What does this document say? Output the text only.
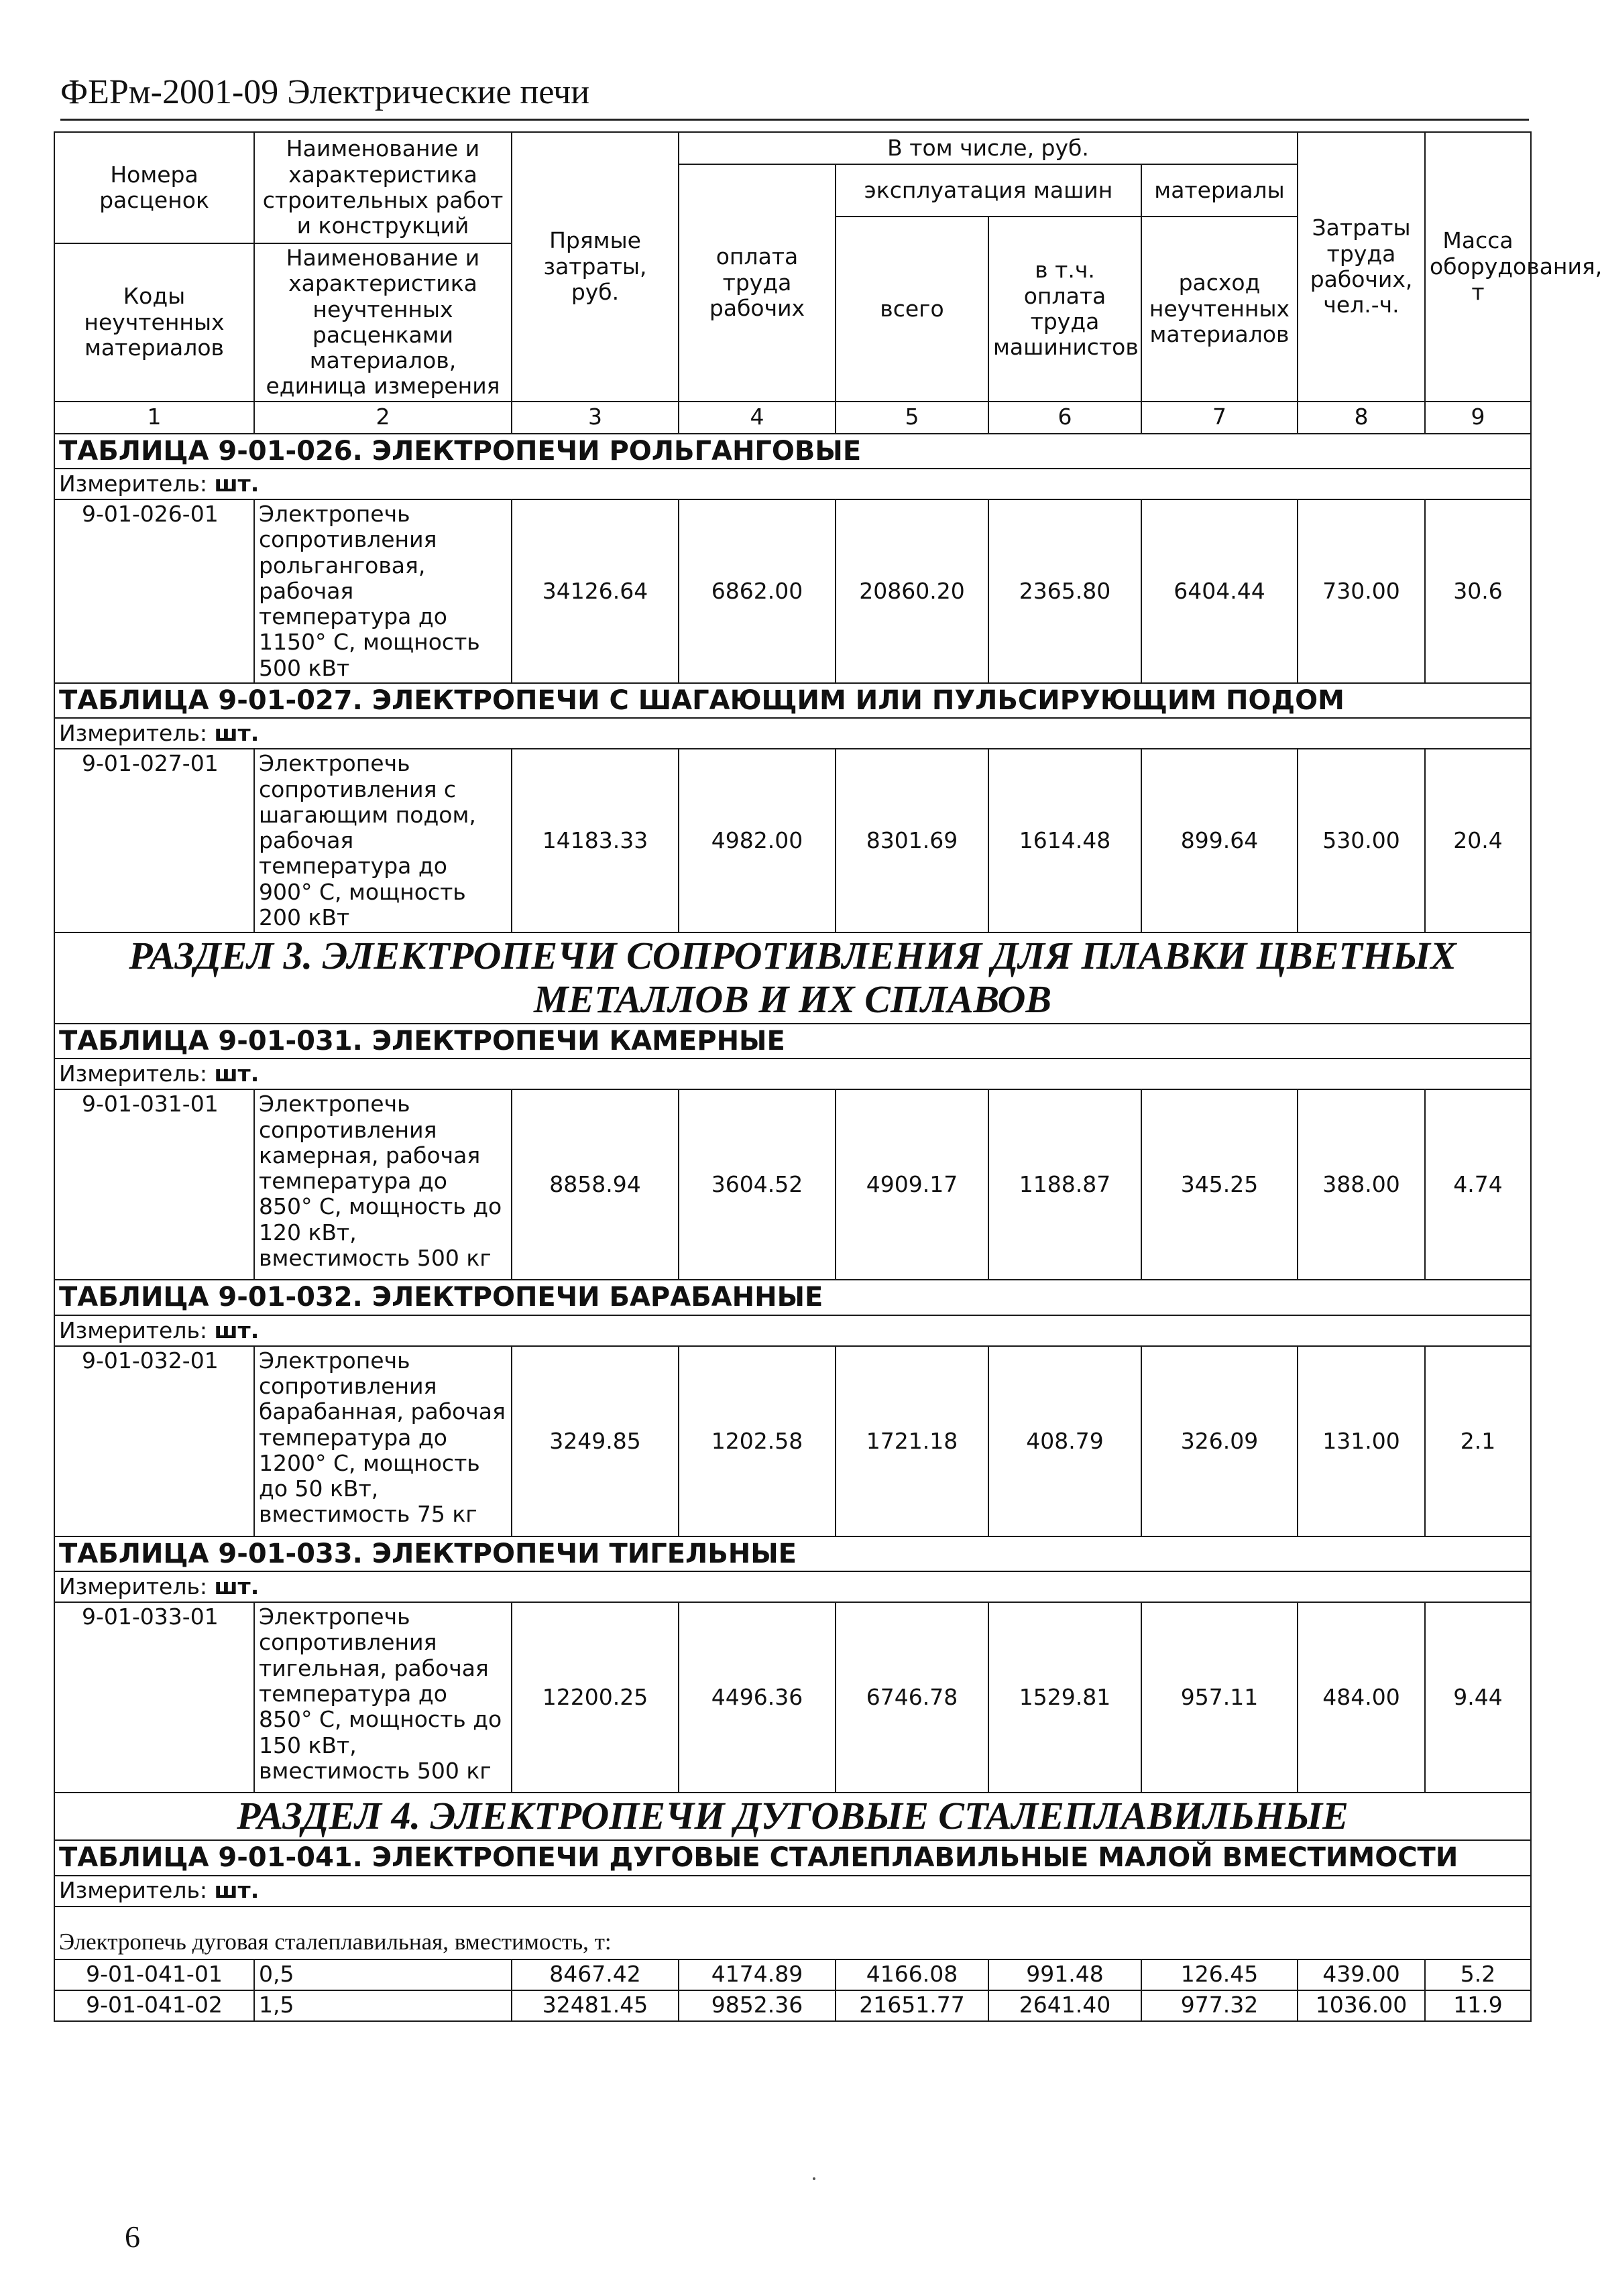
ФЕРм-2001-09 Электрические печи
Номера расценок	Наименование и характеристика строительных работ и конструкций	Прямые затраты, руб.	В том числе, руб.				Затраты труда рабочих, чел.-ч.	Масса оборудования, т
			оплата труда рабочих	эксплуатация машин		материалы		
				всего	в т.ч. оплата труда машинистов	расход неучтенных материалов		
Коды неучтенных материалов	Наименование и характеристика неучтенных расценками материалов, единица измерения							

1	2	3	4	5	6	7	8	9
ТАБЛИЦА 9-01-026. ЭЛЕКТРОПЕЧИ РОЛЬГАНГОВЫЕ								
Измеритель: шт.								
9-01-026-01	Электропечь сопротивления рольганговая, рабочая температура до 1150° С, мощность 500 кВт	34126.64	6862.00	20860.20	2365.80	6404.44	730.00	30.6
ТАБЛИЦА 9-01-027. ЭЛЕКТРОПЕЧИ С ШАГАЮЩИМ ИЛИ ПУЛЬСИРУЮЩИМ ПОДОМ								
Измеритель: шт.								
9-01-027-01	Электропечь сопротивления с шагающим подом, рабочая температура до 900° С, мощность 200 кВт	14183.33	4982.00	8301.69	1614.48	899.64	530.00	20.4
РАЗДЕЛ 3. ЭЛЕКТРОПЕЧИ СОПРОТИВЛЕНИЯ ДЛЯ ПЛАВКИ ЦВЕТНЫХ МЕТАЛЛОВ И ИХ СПЛАВОВ								
ТАБЛИЦА 9-01-031. ЭЛЕКТРОПЕЧИ КАМЕРНЫЕ								
Измеритель: шт.								
9-01-031-01	Электропечь сопротивления камерная, рабочая температура до 850° С, мощность до 120 кВт, вместимость 500 кг	8858.94	3604.52	4909.17	1188.87	345.25	388.00	4.74
ТАБЛИЦА 9-01-032. ЭЛЕКТРОПЕЧИ БАРАБАННЫЕ								
Измеритель: шт.								
9-01-032-01	Электропечь сопротивления барабанная, рабочая температура до 1200° С, мощность до 50 кВт, вместимость 75 кг	3249.85	1202.58	1721.18	408.79	326.09	131.00	2.1
ТАБЛИЦА 9-01-033. ЭЛЕКТРОПЕЧИ ТИГЕЛЬНЫЕ								
Измеритель: шт.								
9-01-033-01	Электропечь сопротивления тигельная, рабочая температура до 850° С, мощность до 150 кВт, вместимость 500 кг	12200.25	4496.36	6746.78	1529.81	957.11	484.00	9.44
РАЗДЕЛ 4. ЭЛЕКТРОПЕЧИ ДУГОВЫЕ СТАЛЕПЛАВИЛЬНЫЕ								
ТАБЛИЦА 9-01-041. ЭЛЕКТРОПЕЧИ ДУГОВЫЕ СТАЛЕПЛАВИЛЬНЫЕ МАЛОЙ ВМЕСТИМОСТИ								
Измеритель: шт.								

Электропечь дуговая сталеплавильная, вместимость, т:								
9-01-041-01	0,5	8467.42	4174.89	4166.08	991.48	126.45	439.00	5.2
9-01-041-02	1,5	32481.45	9852.36	21651.77	2641.40	977.32	1036.00	11.9
6
